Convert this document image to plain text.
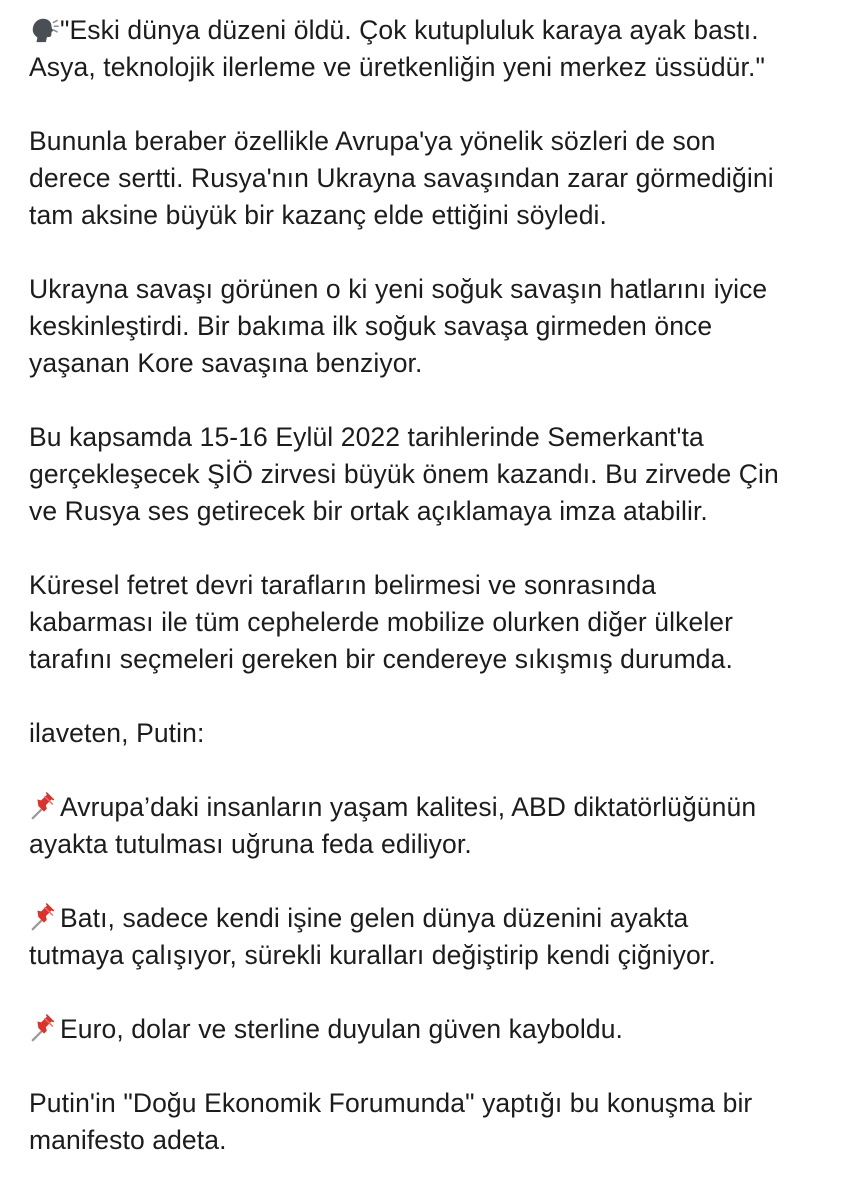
"Eski dünya düzeni öldü. Çok kutupluluk karaya ayak bastı.
Asya, teknolojik ilerleme ve üretkenliğin yeni merkez üssüdür."

Bununla beraber özellikle Avrupa'ya yönelik sözleri de son
derece sertti. Rusya'nın Ukrayna savaşından zarar görmediğini
tam aksine büyük bir kazanç elde ettiğini söyledi.

Ukrayna savaşı görünen o ki yeni soğuk savaşın hatlarını iyice
keskinleştirdi. Bir bakıma ilk soğuk savaşa girmeden önce
yaşanan Kore savaşına benziyor.

Bu kapsamda 15-16 Eylül 2022 tarihlerinde Semerkant'ta
gerçekleşecek ŞİÖ zirvesi büyük önem kazandı. Bu zirvede Çin
ve Rusya ses getirecek bir ortak açıklamaya imza atabilir.

Küresel fetret devri tarafların belirmesi ve sonrasında
kabarması ile tüm cephelerde mobilize olurken diğer ülkeler
tarafını seçmeleri gereken bir cendereye sıkışmış durumda.

ilaveten, Putin:

Avrupa’daki insanların yaşam kalitesi, ABD diktatörlüğünün
ayakta tutulması uğruna feda ediliyor.

Batı, sadece kendi işine gelen dünya düzenini ayakta
tutmaya çalışıyor, sürekli kuralları değiştirip kendi çiğniyor.

Euro, dolar ve sterline duyulan güven kayboldu.

Putin'in "Doğu Ekonomik Forumunda" yaptığı bu konuşma bir
manifesto adeta.
